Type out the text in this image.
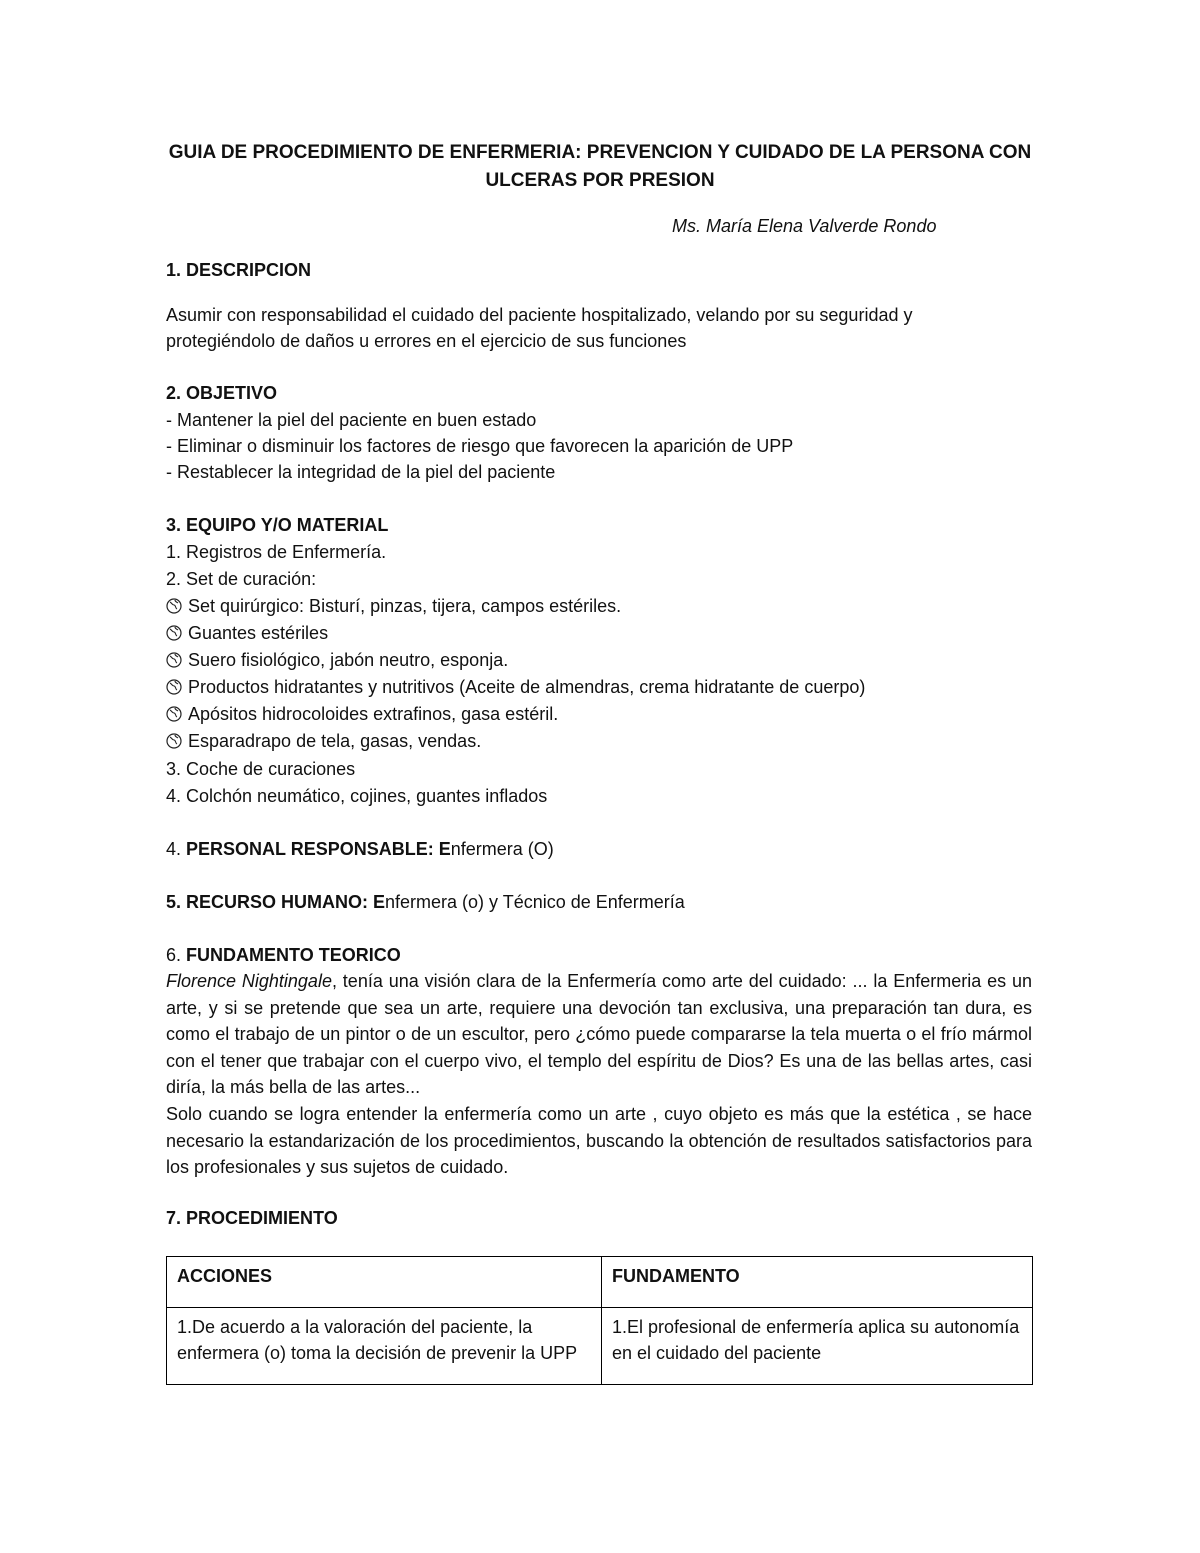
GUIA DE PROCEDIMIENTO DE ENFERMERIA: PREVENCION Y CUIDADO DE LA PERSONA CON
ULCERAS POR PRESION
Ms. María Elena Valverde Rondo
1. DESCRIPCION
Asumir con responsabilidad el cuidado del paciente hospitalizado, velando por su seguridad y
protegiéndolo de daños u errores en el ejercicio de sus funciones
2. OBJETIVO
- Mantener la piel del paciente en buen estado
- Eliminar o disminuir los factores de riesgo que favorecen la aparición de UPP
- Restablecer la integridad de la piel del paciente
3. EQUIPO Y/O MATERIAL
1. Registros de Enfermería.
2. Set de curación:
Set quirúrgico: Bisturí, pinzas, tijera, campos estériles.
Guantes estériles
Suero fisiológico, jabón neutro, esponja.
Productos hidratantes y nutritivos (Aceite de almendras, crema hidratante de cuerpo)
Apósitos hidrocoloides extrafinos, gasa estéril.
Esparadrapo de tela, gasas, vendas.
3. Coche de curaciones
4. Colchón neumático, cojines, guantes inflados
4. PERSONAL RESPONSABLE: Enfermera (O)
5. RECURSO HUMANO: Enfermera (o) y Técnico de Enfermería
6. FUNDAMENTO TEORICO

Florence Nightingale, tenía una visión clara de la Enfermería como arte del cuidado: ... la Enfermeria es un arte, y si se pretende que sea un arte, requiere una devoción tan exclusiva, una preparación tan dura, es como el trabajo de un pintor o de un escultor, pero ¿cómo puede compararse la tela muerta o el frío mármol con el tener que trabajar con el cuerpo vivo, el templo del espíritu de Dios? Es una de las bellas artes, casi diría, la más bella de las artes...

Solo cuando se logra entender la enfermería como un arte , cuyo objeto es más que la estética , se hace necesario la estandarización de los procedimientos, buscando la obtención de resultados satisfactorios para los profesionales y sus sujetos de cuidado.

7. PROCEDIMIENTO
ACCIONES	FUNDAMENTO
1.De acuerdo a la valoración del paciente, la enfermera (o) toma la decisión de prevenir la UPP	1.El profesional de enfermería aplica su autonomía en el cuidado del paciente
